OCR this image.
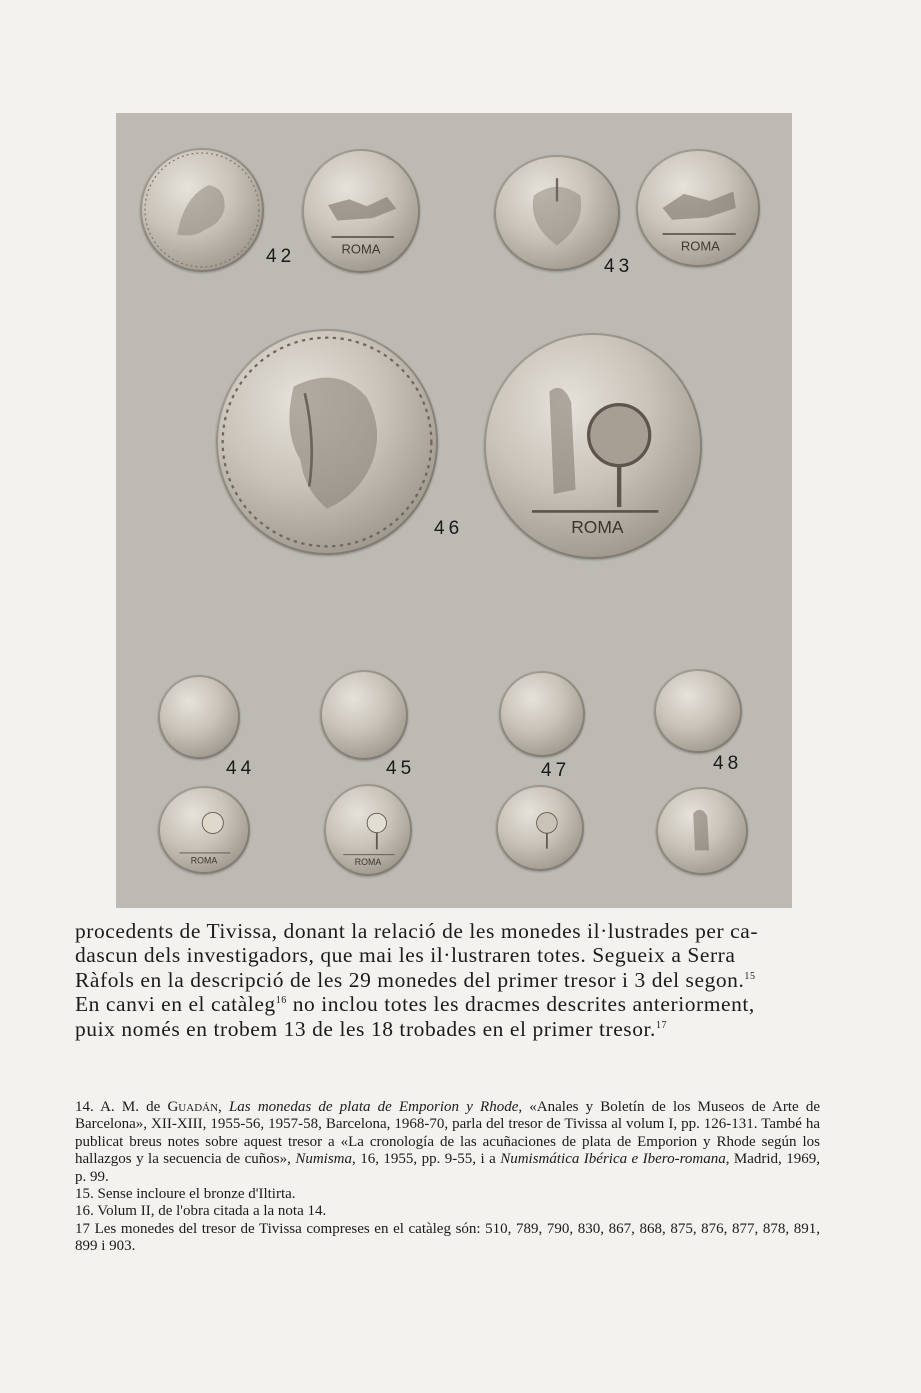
ROMA
42
ROMA
43
ROMA
46
44	45	47	48
ROMA	ROMA

procedents de Tivissa, donant la relació de les monedes il·lustrades per ca-

dascun dels investigadors, que mai les il·lustraren totes. Segueix a Serra

Ràfols en la descripció de les 29 monedes del primer tresor i 3 del segon.$^{15}$

En canvi en el catàleg$^{16}$ no inclou totes les dracmes descrites anteriorment,

puix només en trobem 13 de les 18 trobades en el primer tresor.$^{17}$

14. A. M. de Guadán, Las monedas de plata de Emporion y Rhode, «Anales y Boletín de los Museos de Arte de Barcelona», XII-XIII, 1955-56, 1957-58, Barcelona, 1968-70, parla del tresor de Tivissa al volum I, pp. 126-131. També ha publicat breus notes sobre aquest tresor a «La cronología de las acuñaciones de plata de Emporion y Rhode según los hallazgos y la secuencia de cuños», Numisma, 16, 1955, pp. 9-55, i a Numismática Ibérica e Ibero-romana, Madrid, 1969, p. 99.

15. Sense incloure el bronze d'Iltirta.

16. Volum II, de l'obra citada a la nota 14.

17 Les monedes del tresor de Tivissa compreses en el catàleg són: 510, 789, 790, 830, 867, 868, 875, 876, 877, 878, 891, 899 i 903.
